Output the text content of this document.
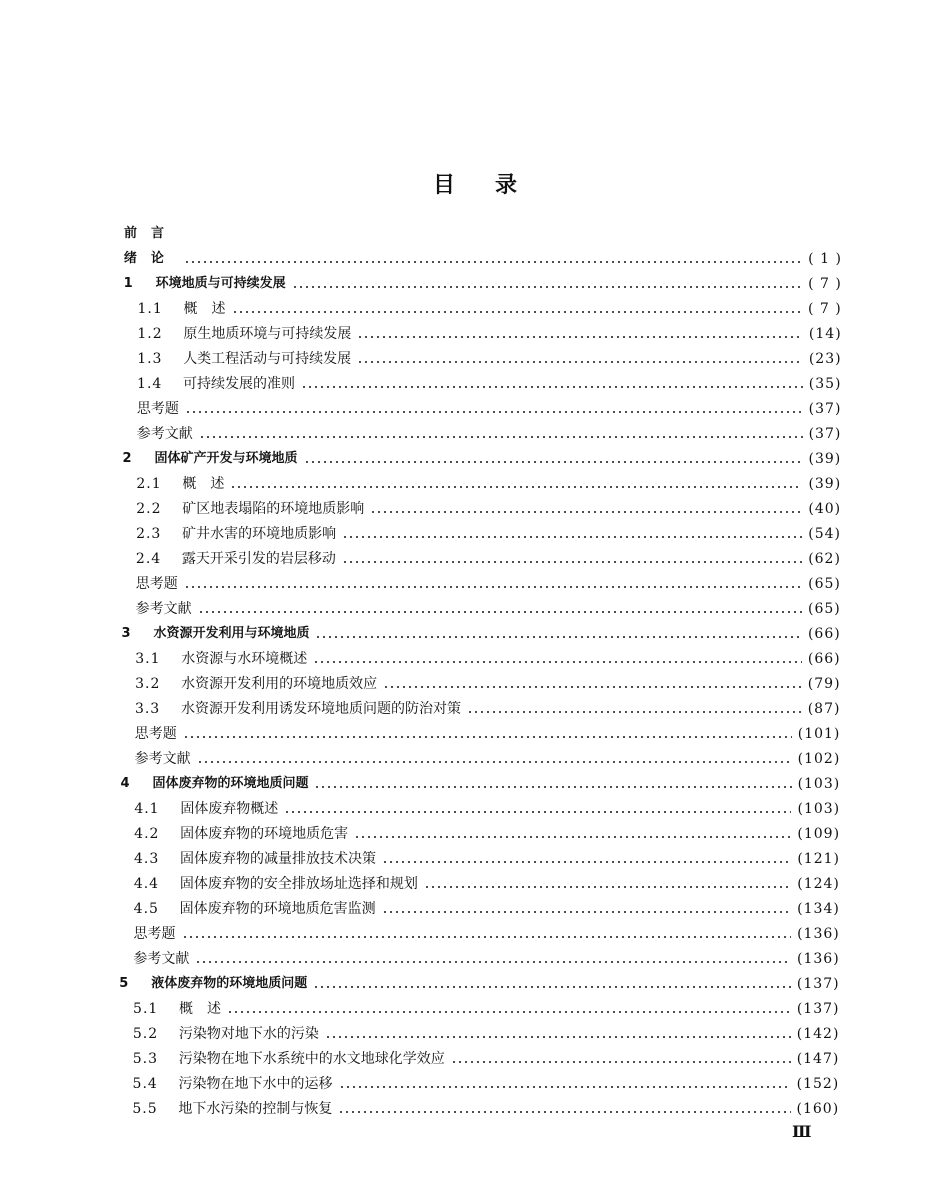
目录
前言
绪论	( 1 )
1	环境地质与可持续发展	( 7 )
1.1	概　述	( 7 )
1.2	原生地质环境与可持续发展	(14)
1.3	人类工程活动与可持续发展	(23)
1.4	可持续发展的准则	(35)
思考题	(37)
参考文献	(37)
2	固体矿产开发与环境地质	(39)
2.1	概　述	(39)
2.2	矿区地表塌陷的环境地质影响	(40)
2.3	矿井水害的环境地质影响	(54)
2.4	露天开采引发的岩层移动	(62)
思考题	(65)
参考文献	(65)
3	水资源开发利用与环境地质	(66)
3.1	水资源与水环境概述	(66)
3.2	水资源开发利用的环境地质效应	(79)
3.3	水资源开发利用诱发环境地质问题的防治对策	(87)
思考题	(101)
参考文献	(102)
4	固体废弃物的环境地质问题	(103)
4.1	固体废弃物概述	(103)
4.2	固体废弃物的环境地质危害	(109)
4.3	固体废弃物的减量排放技术决策	(121)
4.4	固体废弃物的安全排放场址选择和规划	(124)
4.5	固体废弃物的环境地质危害监测	(134)
思考题	(136)
参考文献	(136)
5	液体废弃物的环境地质问题	(137)
5.1	概　述	(137)
5.2	污染物对地下水的污染	(142)
5.3	污染物在地下水系统中的水文地球化学效应	(147)
5.4	污染物在地下水中的运移	(152)
5.5	地下水污染的控制与恢复	(160)
Ⅲ
